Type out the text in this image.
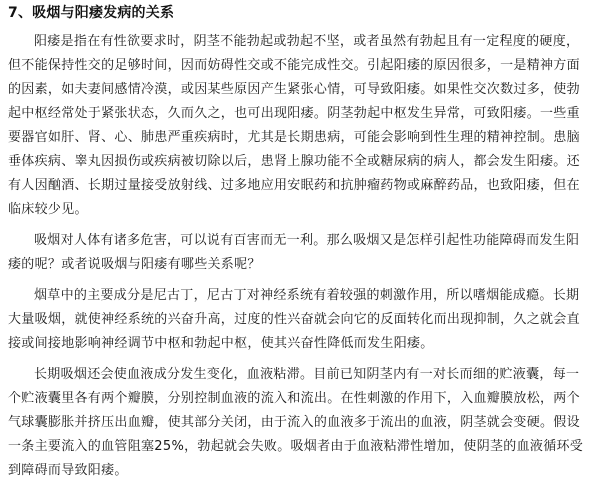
7、吸烟与阳痿发病的关系

阳痿是指在有性欲要求时，阴茎不能勃起或勃起不坚，或者虽然有勃起且有一定程度的硬度，但不能保持性交的足够时间，因而妨碍性交或不能完成性交。引起阳痿的原因很多，一是精神方面的因素，如夫妻间感情冷漠，或因某些原因产生紧张心情，可导致阳痿。如果性交次数过多，使勃起中枢经常处于紧张状态，久而久之，也可出现阳痿。阴茎勃起中枢发生异常，可致阳痿。一些重要器官如肝、肾、心、肺患严重疾病时，尤其是长期患病，可能会影响到性生理的精神控制。患脑垂体疾病、睾丸因损伤或疾病被切除以后，患肾上腺功能不全或糖尿病的病人，都会发生阳痿。还有人因酗酒、长期过量接受放射线、过多地应用安眠药和抗肿瘤药物或麻醉药品，也致阳痿，但在临床较少见。

吸烟对人体有诸多危害，可以说有百害而无一利。那么吸烟又是怎样引起性功能障碍而发生阳痿的呢？或者说吸烟与阳痿有哪些关系呢？

烟草中的主要成分是尼古丁，尼古丁对神经系统有着较强的刺激作用，所以嗜烟能成瘾。长期大量吸烟，就使神经系统的兴奋升高，过度的性兴奋就会向它的反面转化而出现抑制，久之就会直接或间接地影响神经调节中枢和勃起中枢，使其兴奋性降低而发生阳痿。

长期吸烟还会使血液成分发生变化，血液粘滞。目前已知阴茎内有一对长而细的贮液囊，每一个贮液囊里各有两个瓣膜，分别控制血液的流入和流出。在性刺激的作用下，入血瓣膜放松，两个气球囊膨胀并挤压出血瓣，使其部分关闭，由于流入的血液多于流出的血液，阴茎就会变硬。假设一条主要流入的血管阻塞25%，勃起就会失败。吸烟者由于血液粘滞性增加，使阴茎的血液循环受到障碍而导致阳痿。
